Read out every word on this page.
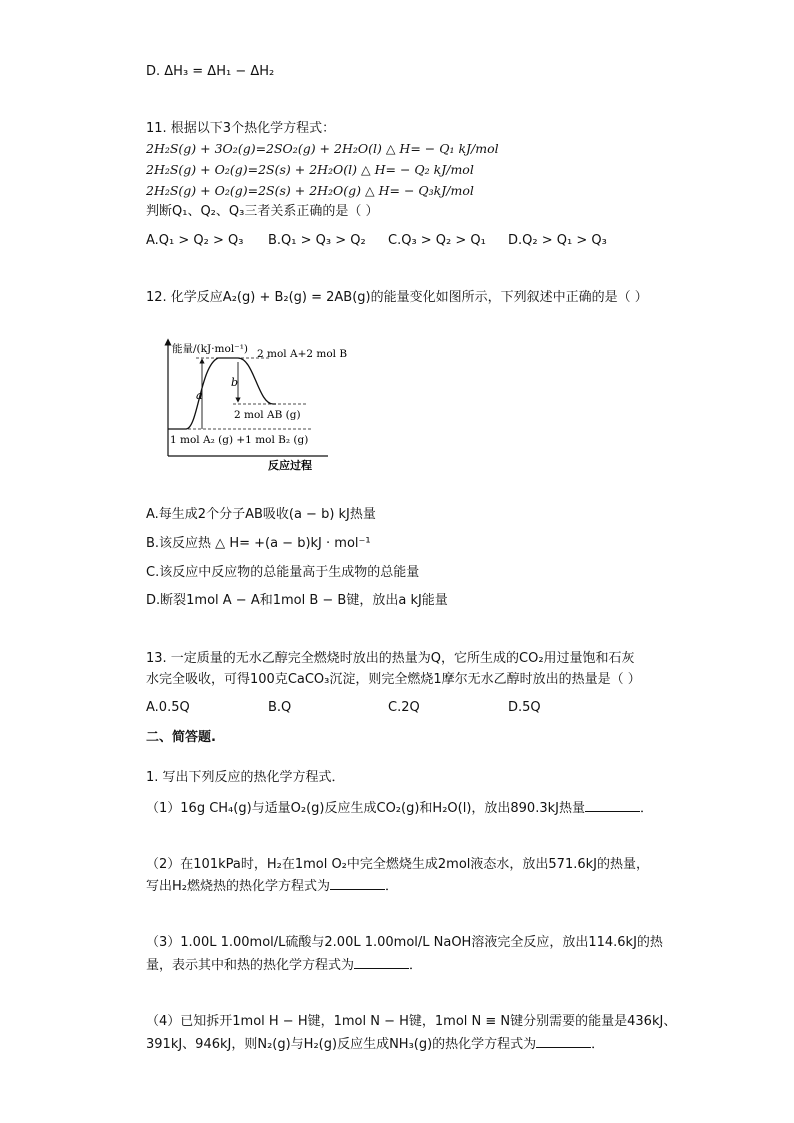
D. ΔH₃ = ΔH₁ − ΔH₂
11. 根据以下3个热化学方程式：
2H₂S(g) + 3O₂(g)=2SO₂(g) + 2H₂O(l) △ H= − Q₁ kJ/mol
2H₂S(g) + O₂(g)=2S(s) + 2H₂O(l) △ H= − Q₂ kJ/mol
2H₂S(g) + O₂(g)=2S(s) + 2H₂O(g) △ H= − Q₃kJ/mol
判断Q₁、Q₂、Q₃三者关系正确的是（ ）
A.Q₁ > Q₂ > Q₃ B.Q₁ > Q₃ > Q₂ C.Q₃ > Q₂ > Q₁ D.Q₂ > Q₁ > Q₃
12. 化学反应A₂(g) + B₂(g) = 2AB(g)的能量变化如图所示，下列叙述中正确的是（ ）
a
b
能量/(kJ·mol⁻¹) 2 mol A+2 mol B
2 mol AB (g)
1 mol A₂ (g) +1 mol B₂ (g)
反应过程
A.每生成2个分子AB吸收(a − b) kJ热量
B.该反应热 △ H= +(a − b)kJ · mol⁻¹
C.该反应中反应物的总能量高于生成物的总能量
D.断裂1mol A − A和1mol B − B键，放出a kJ能量
13. 一定质量的无水乙醇完全燃烧时放出的热量为Q，它所生成的CO₂用过量饱和石灰
水完全吸收，可得100克CaCO₃沉淀，则完全燃烧1摩尔无水乙醇时放出的热量是（ ）
A.0.5Q	B.Q	C.2Q	D.5Q
二、简答题.
1. 写出下列反应的热化学方程式．
（1）16g CH₄(g)与适量O₂(g)反应生成CO₂(g)和H₂O(l)，放出890.3kJ热量	．
（2）在101kPa时，H₂在1mol O₂中完全燃烧生成2mol液态水，放出571.6kJ的热量，
写出H₂燃烧热的热化学方程式为	．
（3）1.00L 1.00mol/L硫酸与2.00L 1.00mol/L NaOH溶液完全反应，放出114.6kJ的热
量，表示其中和热的热化学方程式为	．
（4）已知拆开1mol H − H键，1mol N − H键，1mol N ≡ N键分别需要的能量是436kJ、
391kJ、946kJ，则N₂(g)与H₂(g)反应生成NH₃(g)的热化学方程式为	．
